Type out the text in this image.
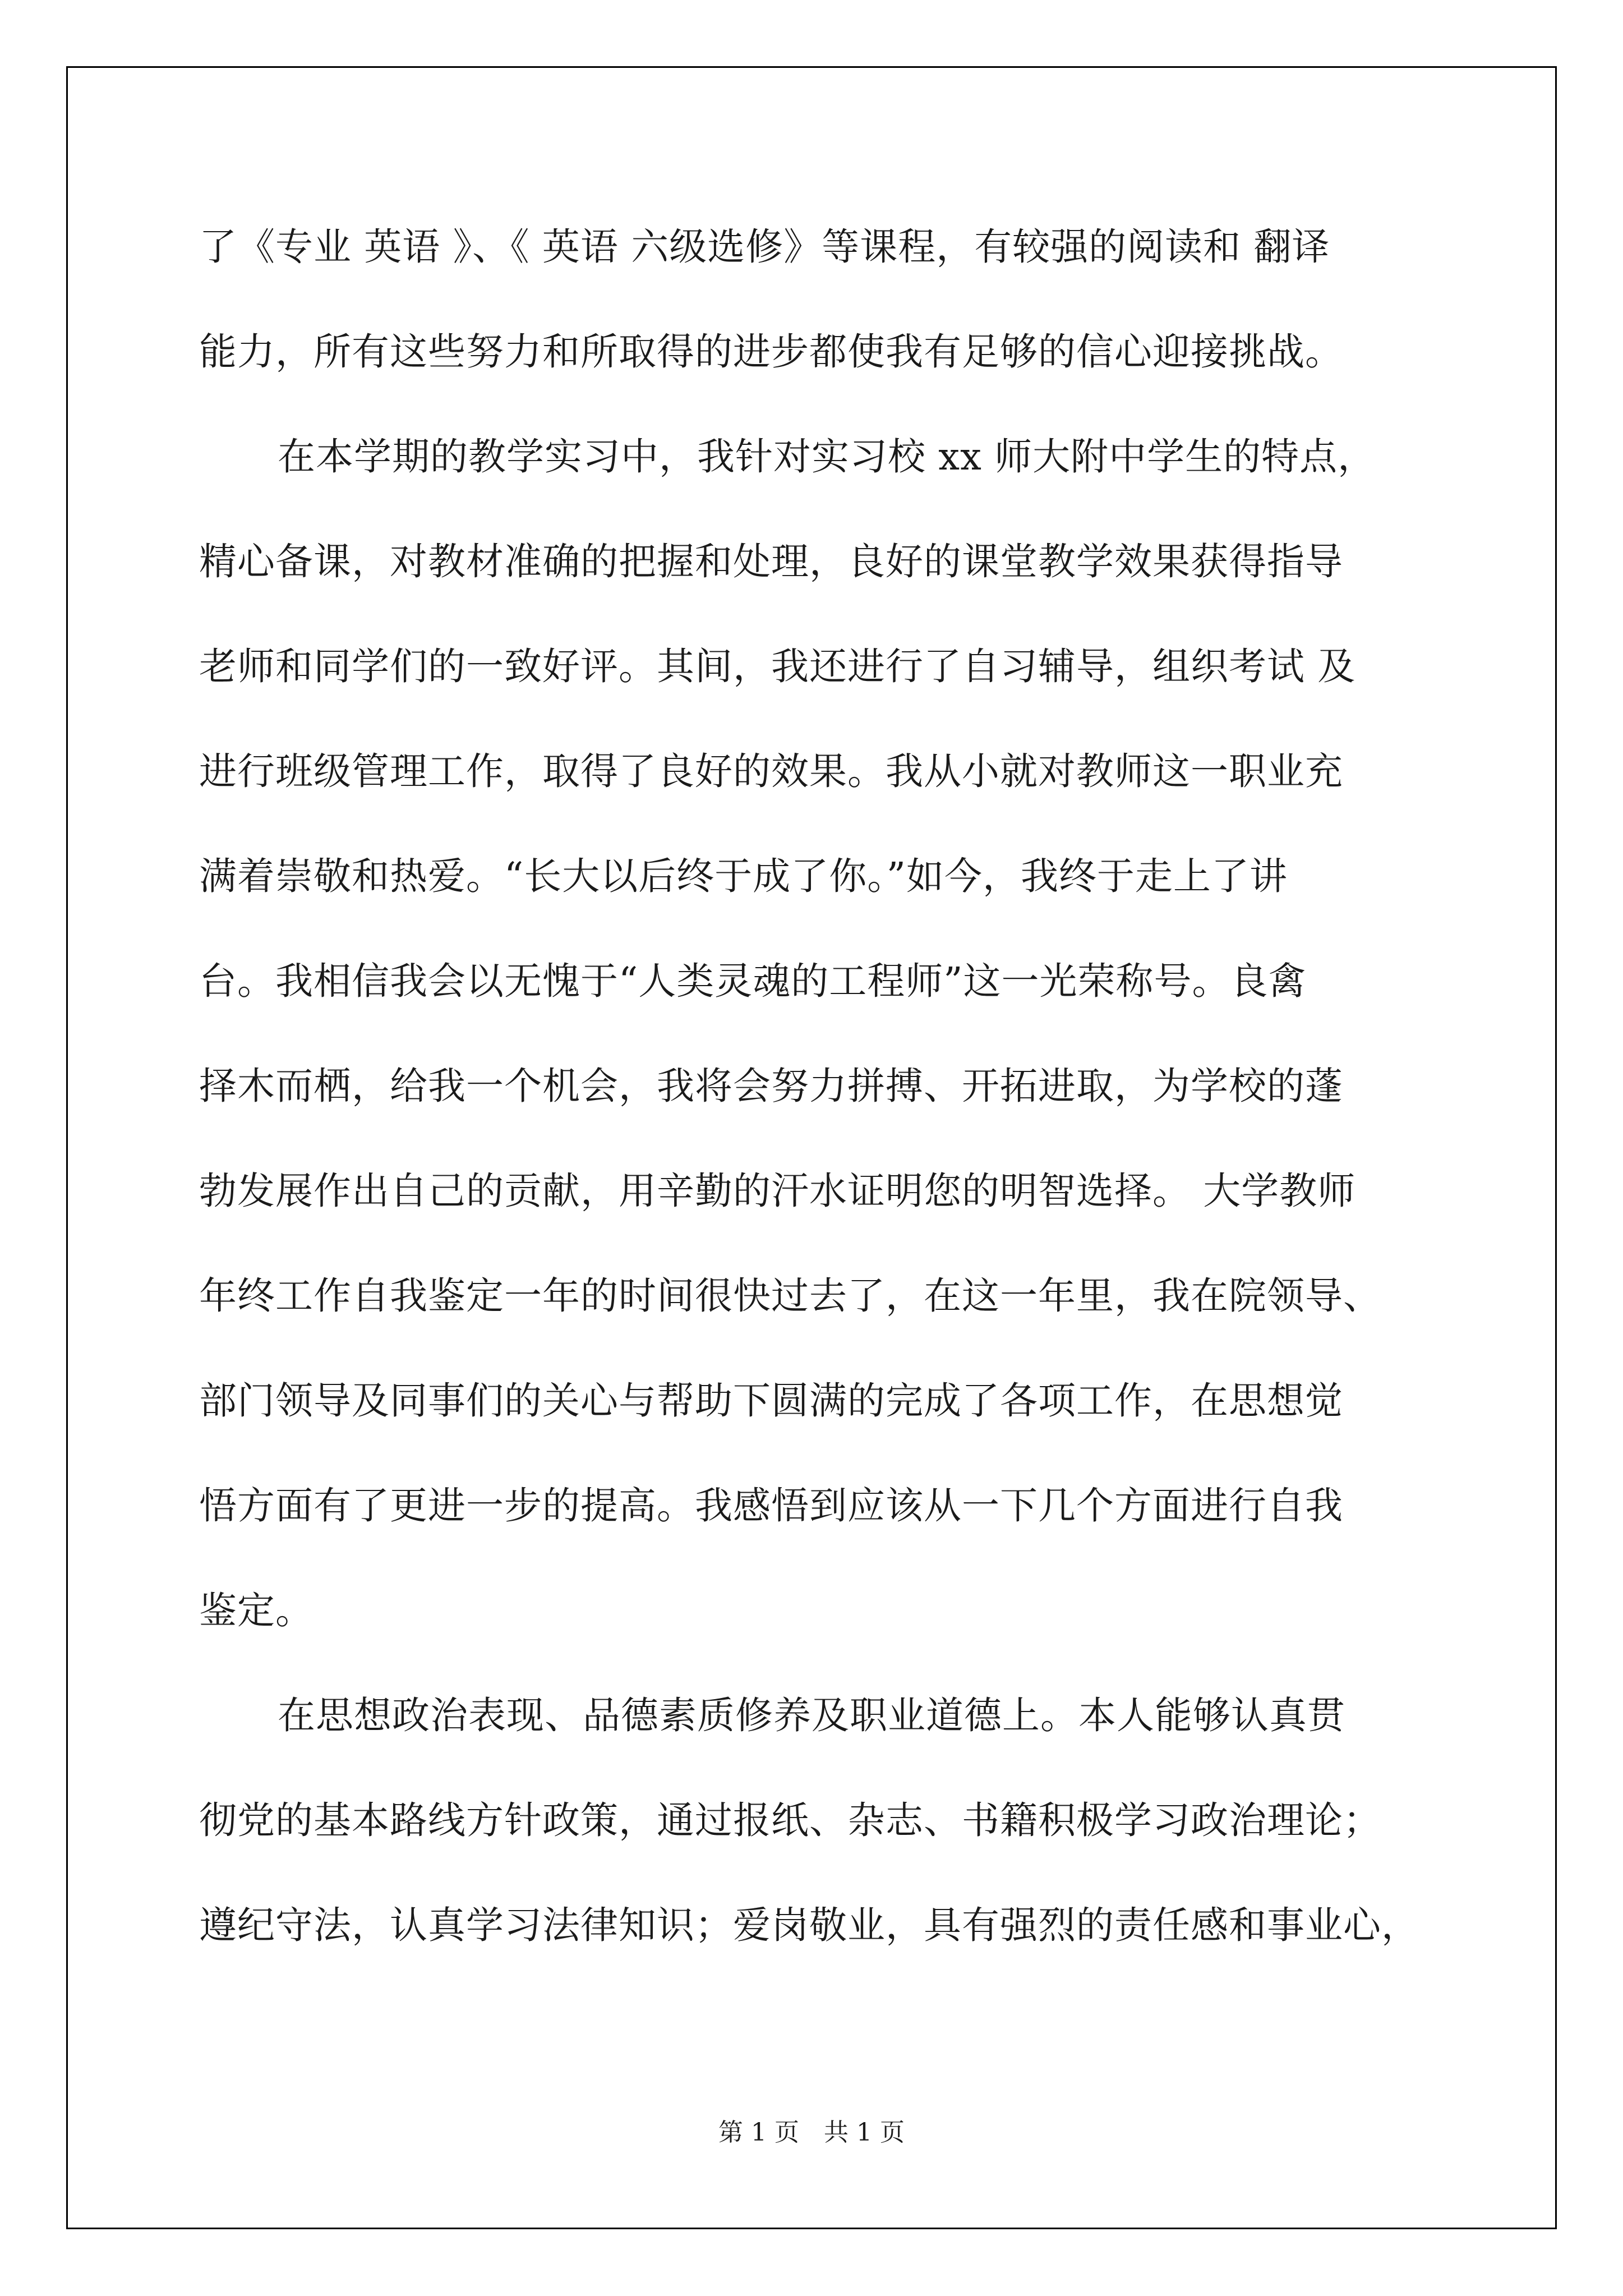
了《专业 英语 》、《 英语 六级选修》等课程，有较强的阅读和 翻译
能力，所有这些努力和所取得的进步都使我有足够的信心迎接挑战。
在本学期的教学实习中，我针对实习校 xx 师大附中学生的特点，
精心备课，对教材准确的把握和处理，良好的课堂教学效果获得指导
老师和同学们的一致好评。其间，我还进行了自习辅导，组织考试 及
进行班级管理工作，取得了良好的效果。我从小就对教师这一职业充
满着崇敬和热爱。“长大以后终于成了你。”如今，我终于走上了讲
台。我相信我会以无愧于“人类灵魂的工程师”这一光荣称号。良禽
择木而栖，给我一个机会，我将会努力拼搏、开拓进取，为学校的蓬
勃发展作出自己的贡献，用辛勤的汗水证明您的明智选择。 大学教师
年终工作自我鉴定一年的时间很快过去了，在这一年里，我在院领导、
部门领导及同事们的关心与帮助下圆满的完成了各项工作，在思想觉
悟方面有了更进一步的提高。我感悟到应该从一下几个方面进行自我
鉴定。
在思想政治表现、品德素质修养及职业道德上。本人能够认真贯
彻党的基本路线方针政策，通过报纸、杂志、书籍积极学习政治理论；
遵纪守法，认真学习法律知识；爱岗敬业，具有强烈的责任感和事业心，
第 1 页　共 1 页
